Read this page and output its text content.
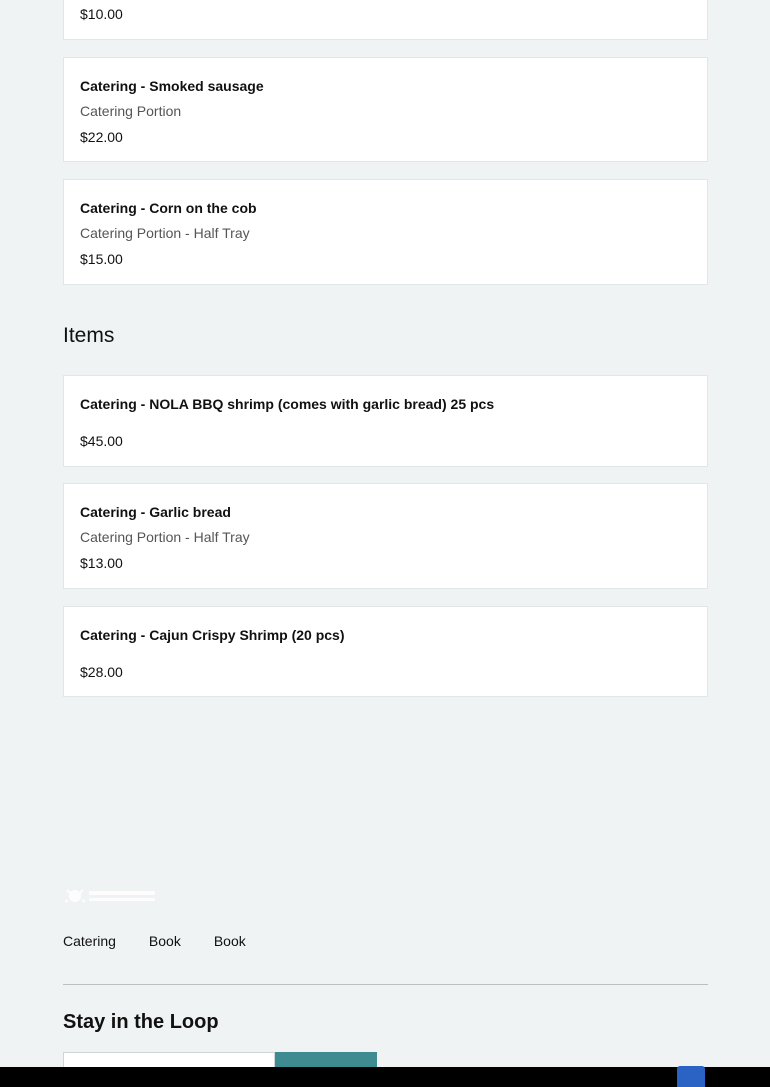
$10.00
Catering - Smoked sausage
Catering Portion
$22.00
Catering - Corn on the cob
Catering Portion - Half Tray
$15.00
Items
Catering - NOLA BBQ shrimp (comes with garlic bread) 25 pcs
$45.00
Catering - Garlic bread
Catering Portion - Half Tray
$13.00
Catering - Cajun Crispy Shrimp (20 pcs)
$28.00
Catering Book Book
Stay in the Loop
